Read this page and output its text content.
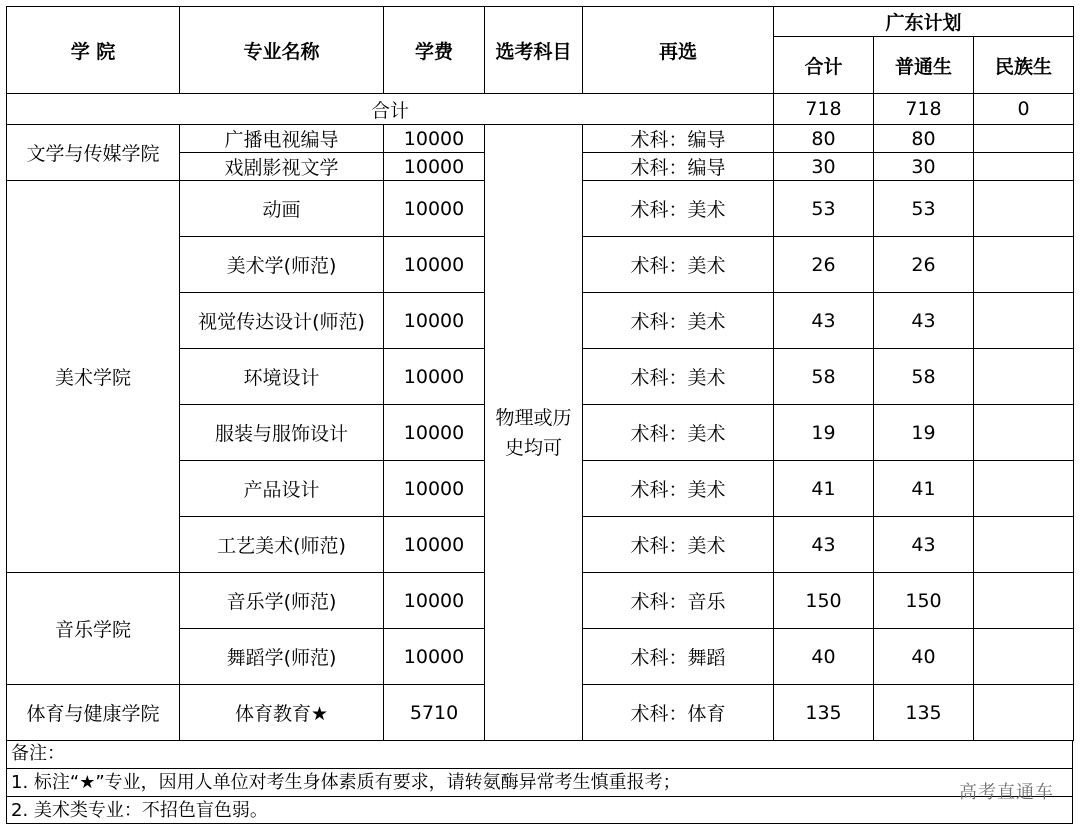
学 院	专业名称	学费	选考科目	再选	广东计划		
					合计	普通生	民族生
合计					718	718	0
文学与传媒学院	广播电视编导	10000	物理或历史均可	术科：编导	80	80	
	戏剧影视文学	10000		术科：编导	30	30	
美术学院	动画	10000		术科：美术	53	53	
	美术学(师范)	10000		术科：美术	26	26	
	视觉传达设计(师范)	10000		术科：美术	43	43	
	环境设计	10000		术科：美术	58	58	
	服装与服饰设计	10000		术科：美术	19	19	
	产品设计	10000		术科：美术	41	41	
	工艺美术(师范)	10000		术科：美术	43	43	
音乐学院	音乐学(师范)	10000		术科：音乐	150	150	
	舞蹈学(师范)	10000		术科：舞蹈	40	40	
体育与健康学院	体育教育★	5710		术科：体育	135	135	
备注：
1. 标注“★”专业，因用人单位对考生身体素质有要求，请转氨酶异常考生慎重报考；
2. 美术类专业：不招色盲色弱。
高考直通车
